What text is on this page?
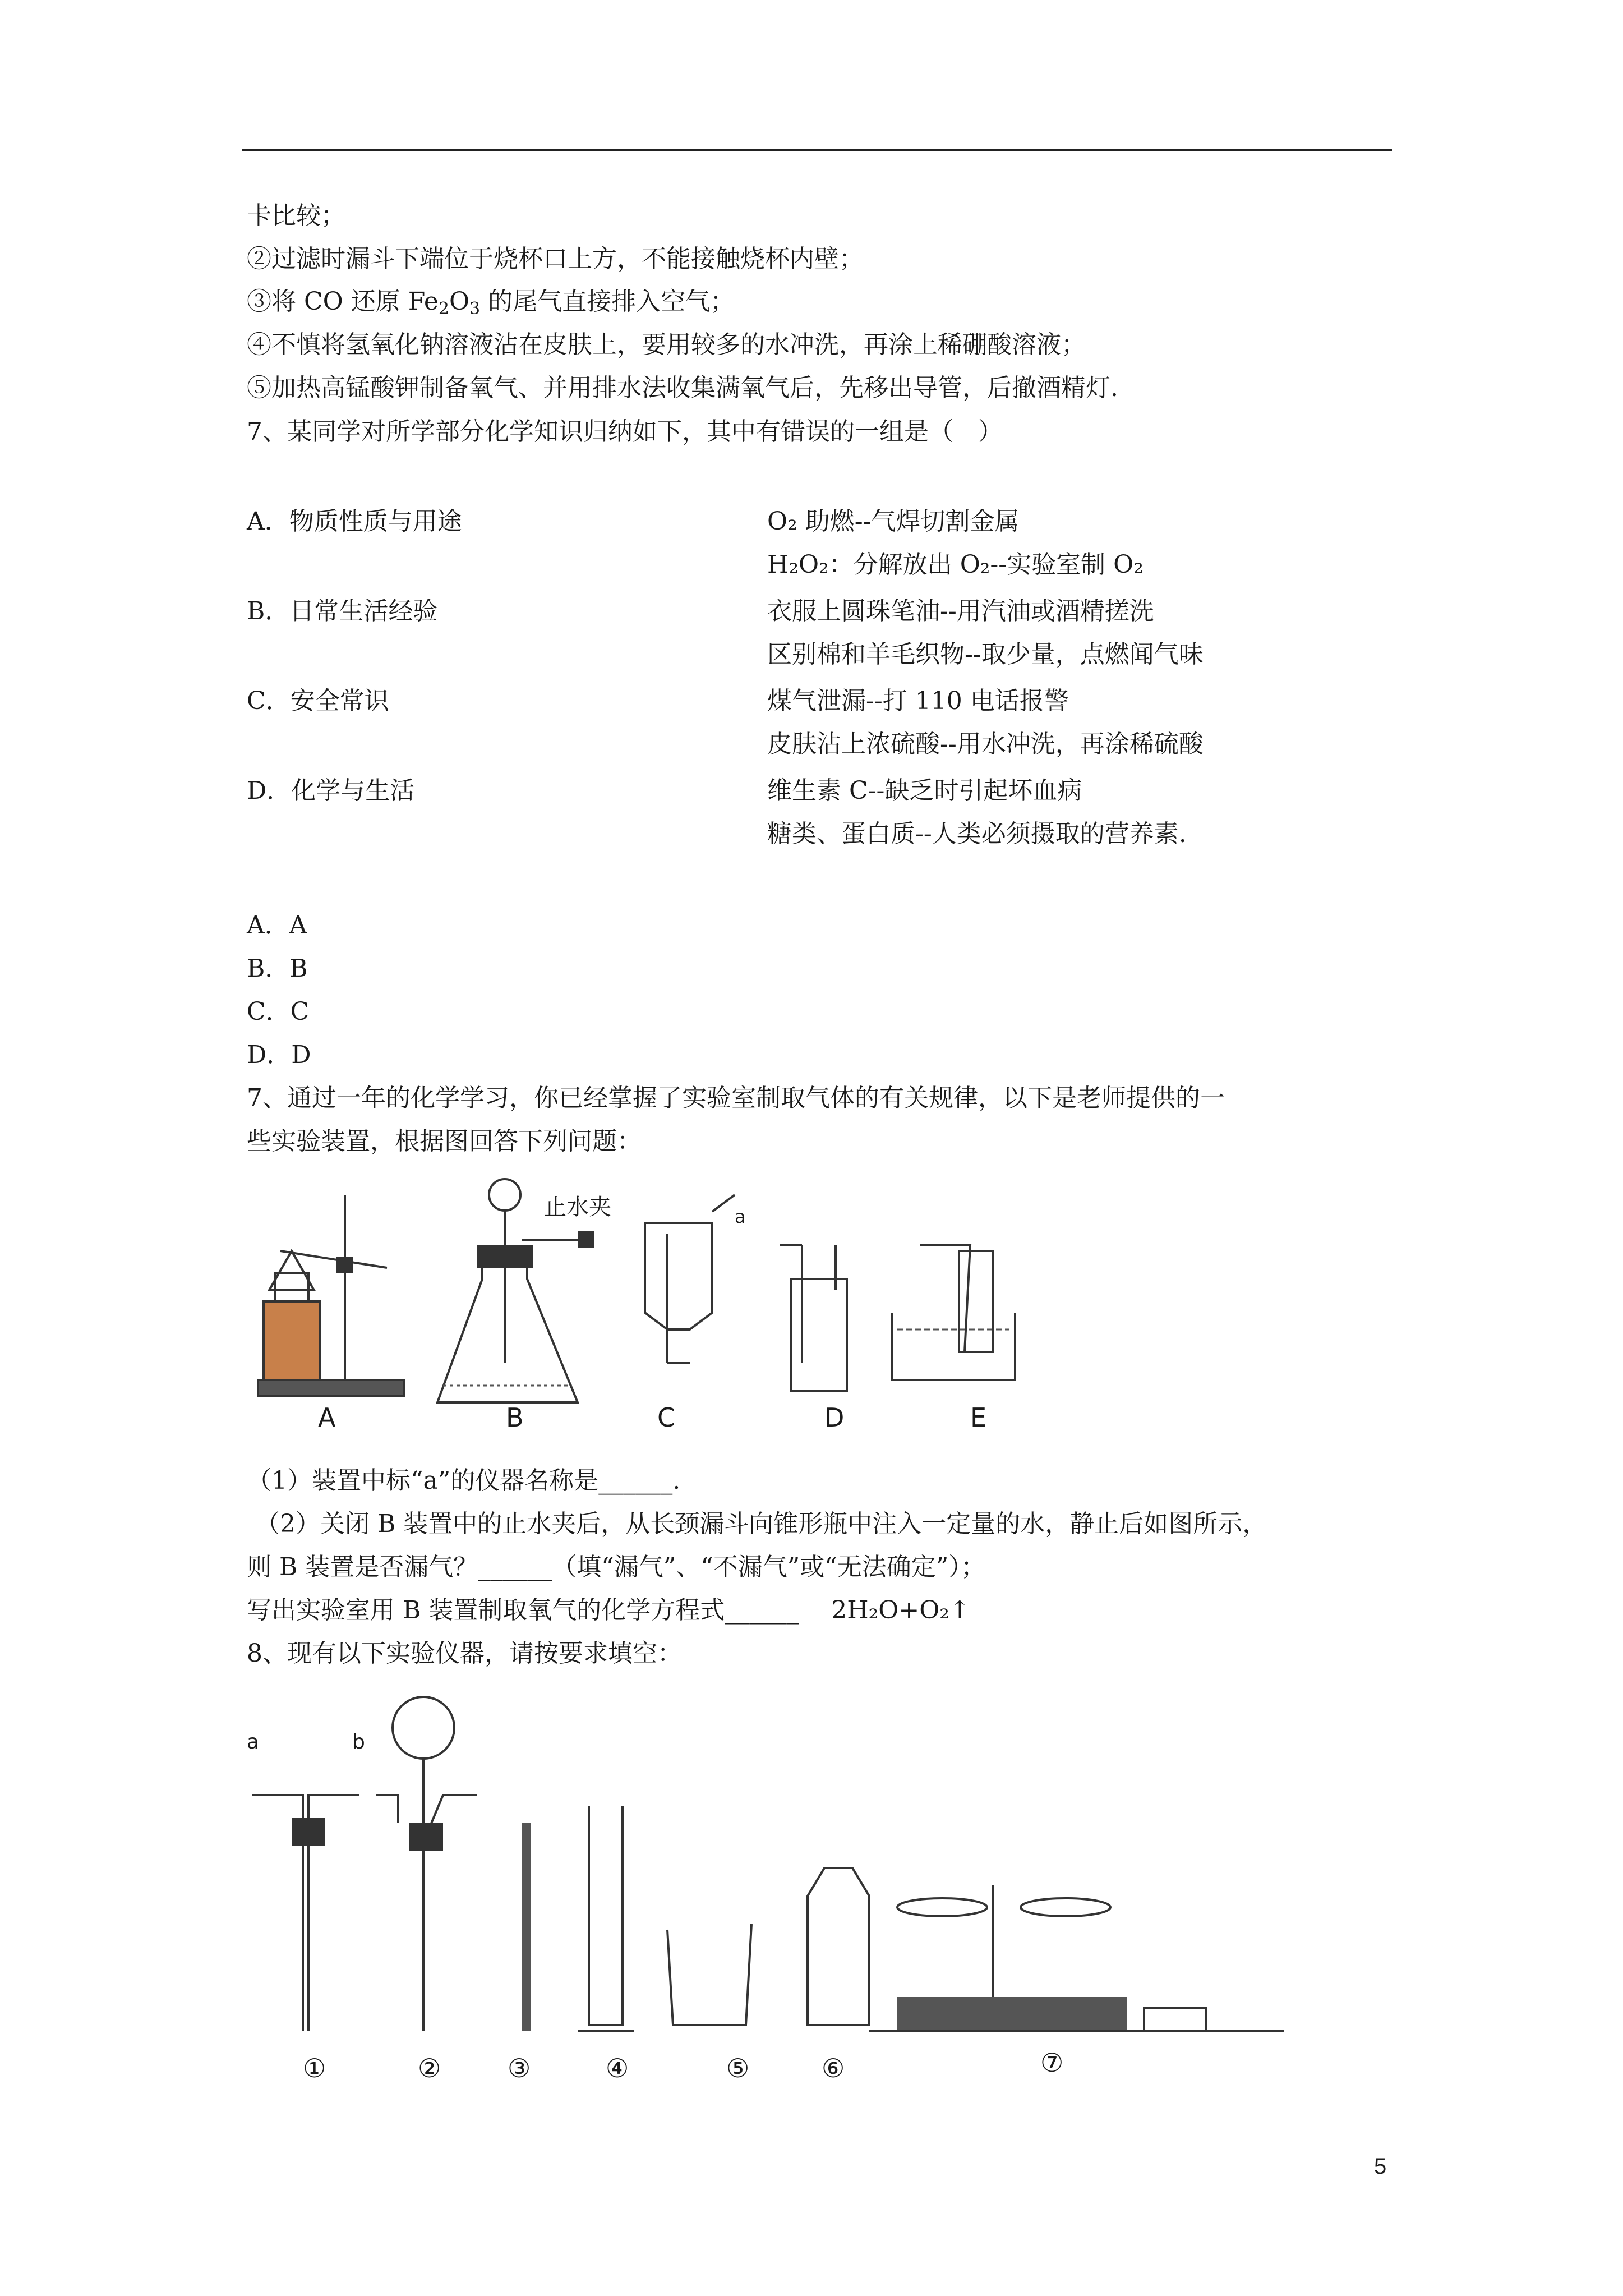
卡比较；
②过滤时漏斗下端位于烧杯口上方，不能接触烧杯内壁；
③将 CO 还原 $Fe_2O_3$ 的尾气直接排入空气；
④不慎将氢氧化钠溶液沾在皮肤上，要用较多的水冲洗，再涂上稀硼酸溶液；
⑤加热高锰酸钾制备氧气、并用排水法收集满氧气后，先移出导管，后撤酒精灯.
7、某同学对所学部分化学知识归纳如下，其中有错误的一组是（　）
A．物质性质与用途	O₂ 助燃--气焊切割金属
H₂O₂：分解放出 O₂--实验室制 O₂
B．日常生活经验	衣服上圆珠笔油--用汽油或酒精搓洗
区别棉和羊毛织物--取少量，点燃闻气味
C．安全常识	煤气泄漏--打 110 电话报警
皮肤沾上浓硫酸--用水冲洗，再涂稀硫酸
D．化学与生活	维生素 C--缺乏时引起坏血病
糖类、蛋白质--人类必须摄取的营养素.
A．A
B．B
C．C
D．D
7、通过一年的化学学习，你已经掌握了实验室制取气体的有关规律，以下是老师提供的一
些实验装置，根据图回答下列问题：
A	B	C	D	E
止水夹	a
（1）装置中标“a”的仪器名称是______.
（2）关闭 B 装置中的止水夹后，从长颈漏斗向锥形瓶中注入一定量的水，静止后如图所示，
则 B 装置是否漏气？______（填“漏气”、“不漏气”或“无法确定”）；
写出实验室用 B 装置制取氧气的化学方程式______　 2H₂O+O₂↑
8、现有以下实验仪器，请按要求填空：
a	b
①	②	③	④	⑤	⑥	⑦
5
